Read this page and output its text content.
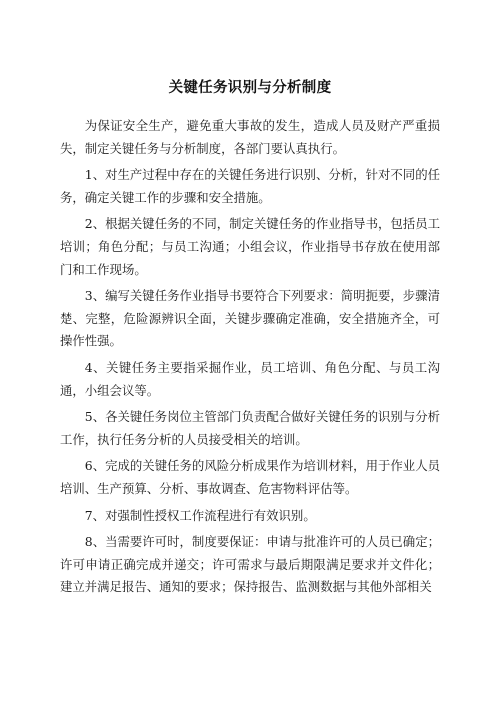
关键任务识别与分析制度

为保证安全生产，避免重大事故的发生，造成人员及财产严重损失，制定关键任务与分析制度，各部门要认真执行。

1、对生产过程中存在的关键任务进行识别、分析，针对不同的任务，确定关键工作的步骤和安全措施。

2、根据关键任务的不同，制定关键任务的作业指导书，包括员工培训；角色分配；与员工沟通；小组会议，作业指导书存放在使用部门和工作现场。

3、编写关键任务作业指导书要符合下列要求：简明扼要，步骤清楚、完整，危险源辨识全面，关键步骤确定准确，安全措施齐全，可操作性强。

4、关键任务主要指采掘作业，员工培训、角色分配、与员工沟通，小组会议等。

5、各关键任务岗位主管部门负责配合做好关键任务的识别与分析工作，执行任务分析的人员接受相关的培训。

6、完成的关键任务的风险分析成果作为培训材料，用于作业人员培训、生产预算、分析、事故调查、危害物料评估等。

7、对强制性授权工作流程进行有效识别。

8、当需要许可时，制度要保证：申请与批准许可的人员已确定；许可申请正确完成并递交；许可需求与最后期限满足要求并文件化；建立并满足报告、通知的要求；保持报告、监测数据与其他外部相关
